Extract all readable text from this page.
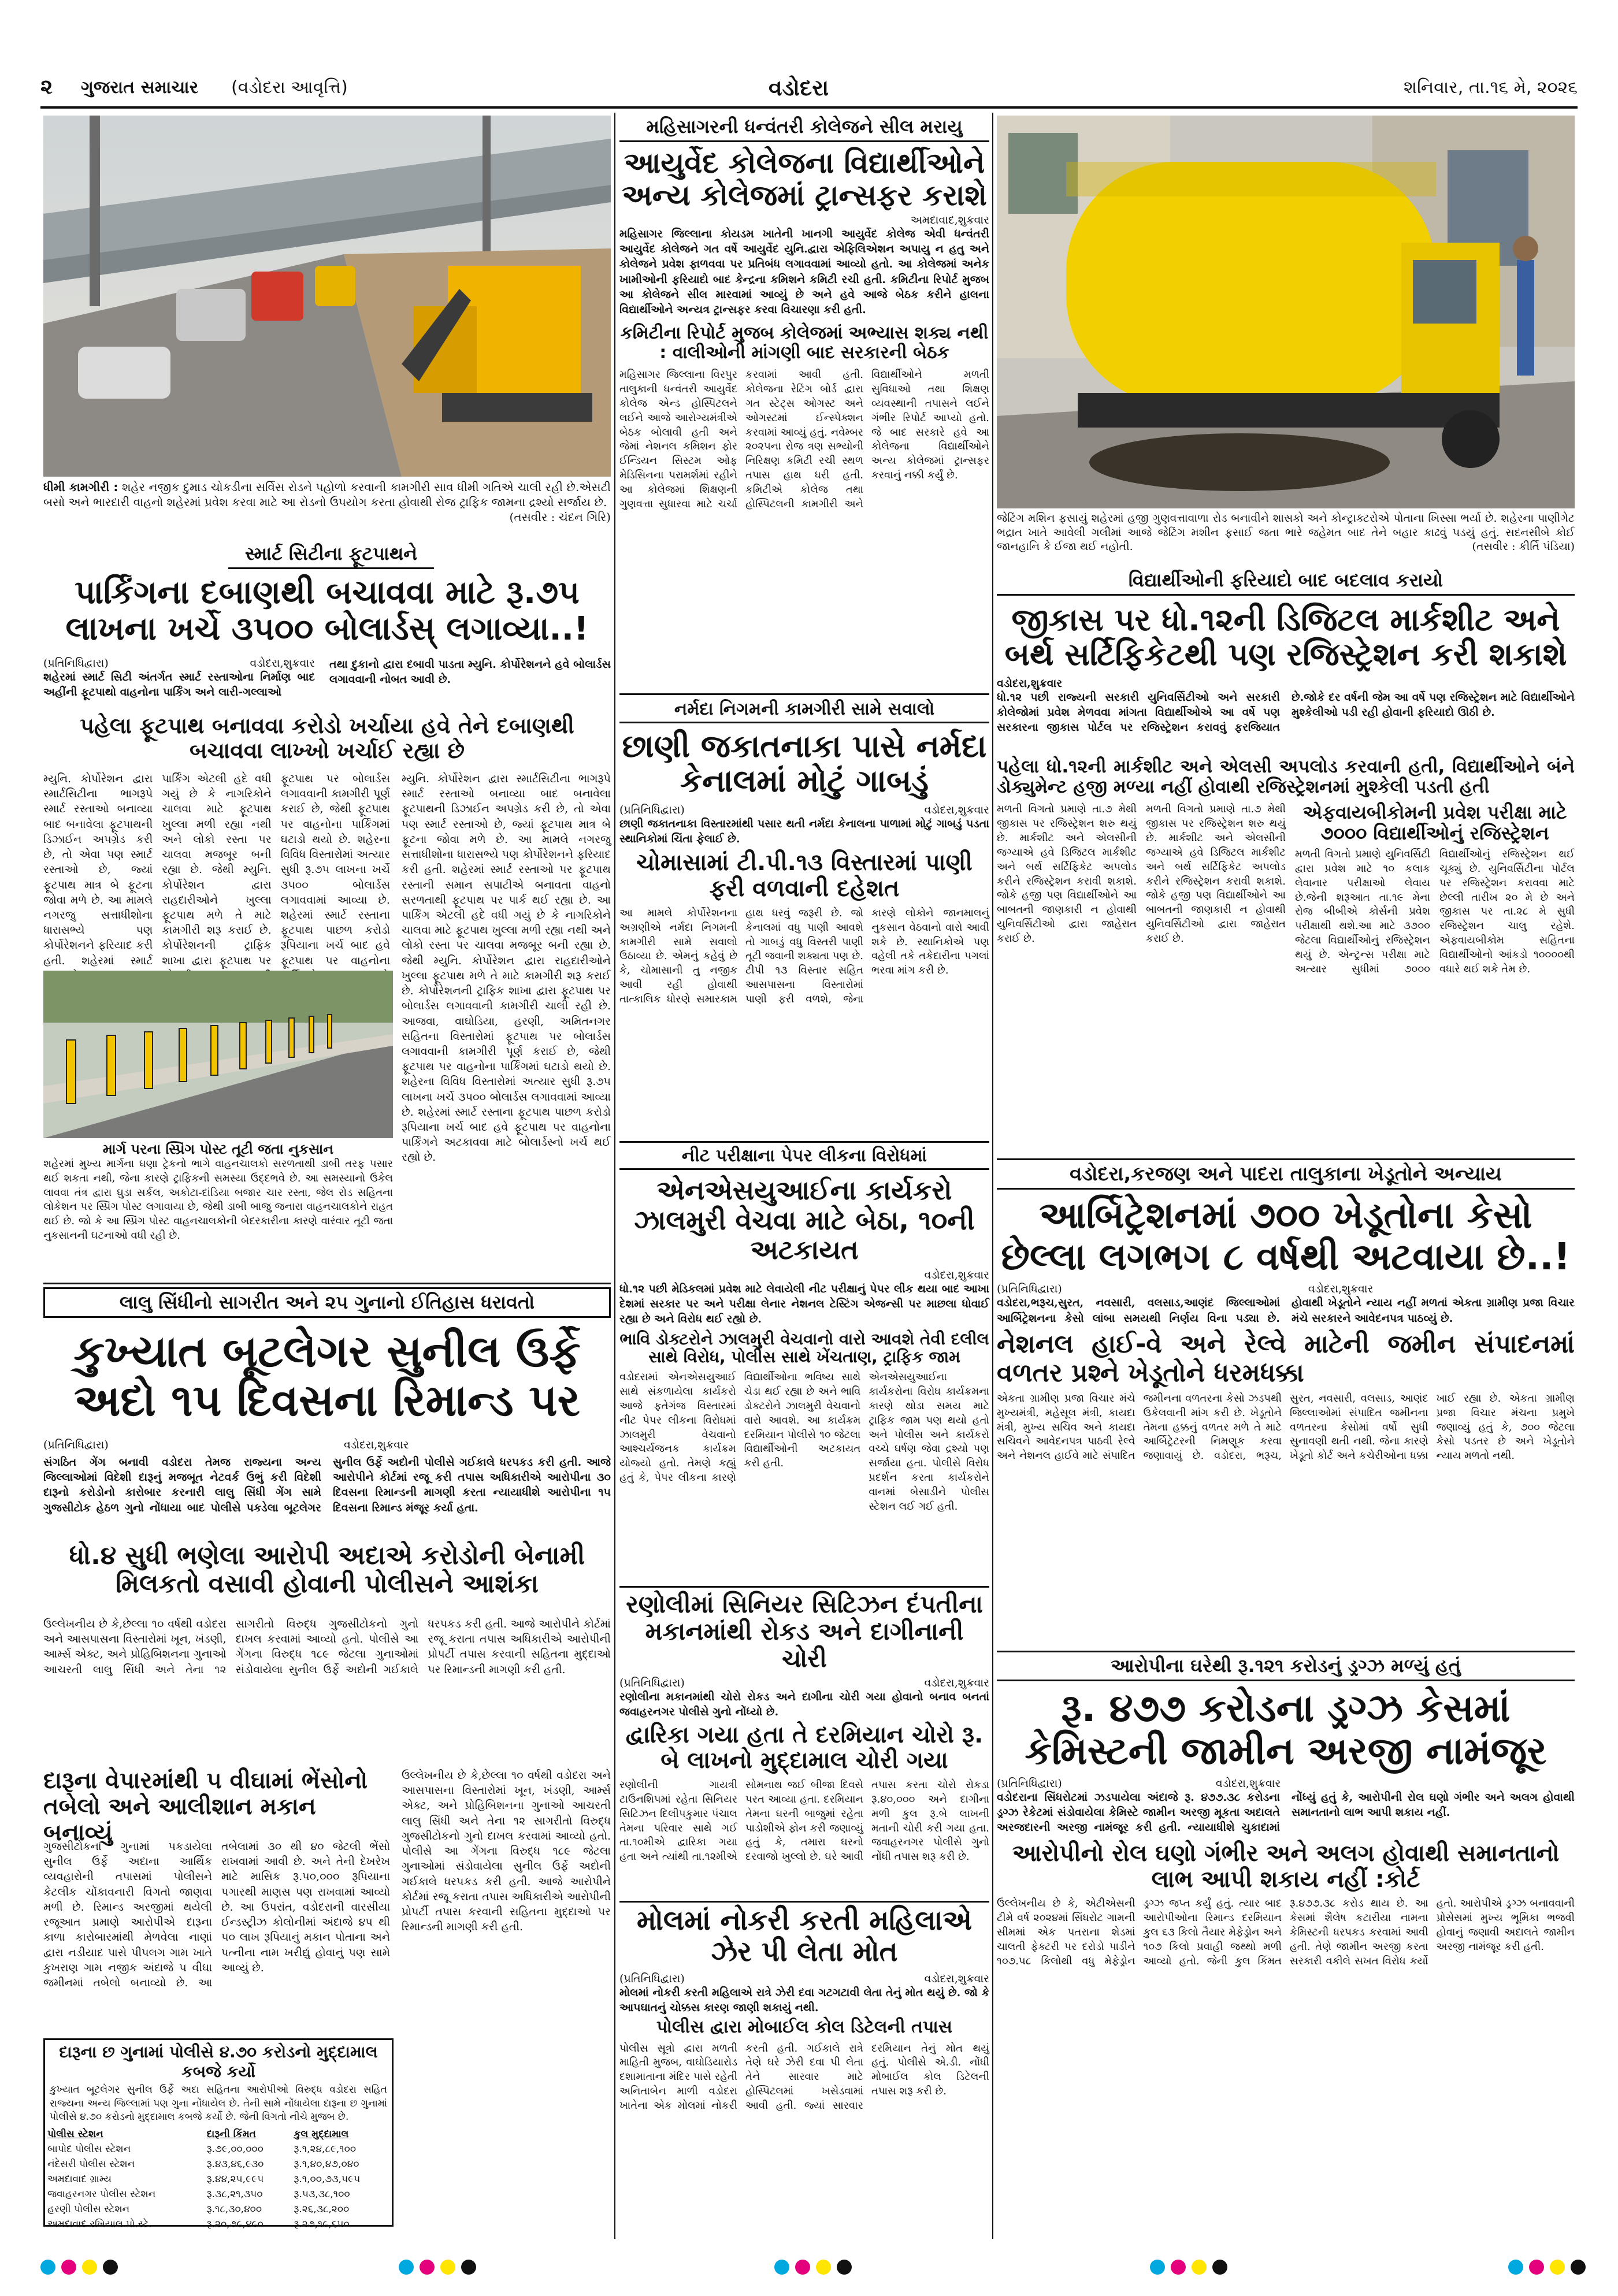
૨ ગુજરાત સમાચાર (વડોદરા આવૃત્તિ)	વડોદરા	શનિવાર, તા.૧૬ મે, ૨૦૨૬
ધીમી કામગીરી : શહેર નજીક દુમાડ ચોકડીના સર્વિસ રોડને પહોળો કરવાની કામગીરી સાવ ધીમી ગતિએ ચાલી રહી છે.એસટી બસો અને ભારદારી વાહનો શહેરમાં પ્રવેશ કરવા માટે આ રોડનો ઉપયોગ કરતા હોવાથી રોજ ટ્રાફિક જામના દ્રશ્યો સર્જાય છે.
(તસવીર : ચંદન ગિરિ)
સ્માર્ટ સિટીના ફૂટપાથને
પાર્કિંગના દબાણથી બચાવવા માટે રૂ.૭૫ લાખના ખર્ચે ૩૫૦૦ બોલાર્ડસ્ લગાવ્યા..!
(પ્રતિનિધિદ્વારા)	વડોદરા,શુક્રવાર

શહેરમાં સ્માર્ટ સિટી અંતર્ગત સ્માર્ટ રસ્તાઓના નિર્માણ બાદ અહીંની ફૂટપાથો વાહનોના પાર્કિંગ અને લારી-ગલ્લાઓ

તથા દુકાનો દ્વારા દબાવી પાડતા મ્યુનિ. કોર્પોરેશનને હવે બોલાર્ડસ લગાવવાની નોબત આવી છે.

પહેલા ફૂટપાથ બનાવવા કરોડો ખર્ચાયા હવે તેને દબાણથી બચાવવા લાખ્ખો ખર્ચાઈ રહ્યા છે

મ્યુનિ. કોર્પોરેશન દ્વારા સ્માર્ટસિટીના ભાગરૂપે સ્માર્ટ રસ્તાઓ બનાવ્યા બાદ બનાવેલા ફૂટપાથની ડિઝાઈન અપગ્રેડ કરી છે, તો એવા પણ સ્માર્ટ રસ્તાઓ છે, જ્યાં ફૂટપાથ માત્ર બે ફૂટના જોવા મળે છે. આ મામલે નગરજુ સત્તાધીશોના ધારાસભ્યે પણ કોર્પોરેશનને ફરિયાદ કરી હતી. શહેરમાં સ્માર્ટ પાર્કિંગ એટલી હદે વધી ગયું છે કે નાગરિકોને ચાલવા માટે ફૂટપાથ ખુલ્લા મળી રહ્યા નથી અને લોકો રસ્તા પર ચાલવા મજબૂર બની રહ્યા છે. જેથી મ્યુનિ. કોર્પોરેશન દ્વારા રાહદારીઓને ખુલ્લા ફૂટપાથ મળે તે માટે કામગીરી શરૂ કરાઈ છે. કોર્પોરેશનની ટ્રાફિક શાખા દ્વારા ફૂટપાથ પર ફૂટપાથ પર બોલાર્ડસ લગાવવાની કામગીરી પૂર્ણ કરાઈ છે, જેથી ફૂટપાથ પર વાહનોના પાર્કિંગમાં ઘટાડો થયો છે. શહેરના વિવિધ વિસ્તારોમાં અત્યાર સુધી રૂ.૭૫ લાખના ખર્ચે ૩૫૦૦ બોલાર્ડસ લગાવવામાં આવ્યા છે. શહેરમાં સ્માર્ટ રસ્તાના ફૂટપાથ પાછળ કરોડો રૂપિયાના ખર્ચ બાદ હવે ફૂટપાથ પર વાહનોના

મ્યુનિ. કોર્પોરેશન દ્વારા સ્માર્ટસિટીના ભાગરૂપે સ્માર્ટ રસ્તાઓ બનાવ્યા બાદ બનાવેલા ફૂટપાથની ડિઝાઈન અપગ્રેડ કરી છે, તો એવા પણ સ્માર્ટ રસ્તાઓ છે, જ્યાં ફૂટપાથ માત્ર બે ફૂટના જોવા મળે છે. આ મામલે નગરજુ સત્તાધીશોના ધારાસભ્યે પણ કોર્પોરેશનને ફરિયાદ કરી હતી. શહેરમાં સ્માર્ટ રસ્તાઓ પર ફૂટપાથ રસ્તાની સમાન સપાટીએ બનાવતા વાહનો સરળતાથી ફૂટપાથ પર પાર્ક થઈ રહ્યા છે. આ પાર્કિંગ એટલી હદે વધી ગયું છે કે નાગરિકોને ચાલવા માટે ફૂટપાથ ખુલ્લા મળી રહ્યા નથી અને લોકો રસ્તા પર ચાલવા મજબૂર બની રહ્યા છે. જેથી મ્યુનિ. કોર્પોરેશન દ્વારા રાહદારીઓને ખુલ્લા ફૂટપાથ મળે તે માટે કામગીરી શરૂ કરાઈ છે. કોર્પોરેશનની ટ્રાફિક શાખા દ્વારા ફૂટપાથ પર બોલાર્ડસ લગાવવાની કામગીરી ચાલી રહી છે. આજવા, વાઘોડિયા, હરણી, અમિતનગર સહિતના વિસ્તારોમાં ફૂટપાથ પર બોલાર્ડસ લગાવવાની કામગીરી પૂર્ણ કરાઈ છે, જેથી ફૂટપાથ પર વાહનોના પાર્કિંગમાં ઘટાડો થયો છે. શહેરના વિવિધ વિસ્તારોમાં અત્યાર સુધી રૂ.૭૫ લાખના ખર્ચે ૩૫૦૦ બોલાર્ડસ લગાવવામાં આવ્યા છે. શહેરમાં સ્માર્ટ રસ્તાના ફૂટપાથ પાછળ કરોડો રૂપિયાના ખર્ચ બાદ હવે ફૂટપાથ પર વાહનોના પાર્કિંગને અટકાવવા માટે બોલાર્ડસ્નો ખર્ચ થઈ રહ્યો છે.

માર્ગ પરના સ્પ્રિંગ પોસ્ટ તૂટી જતા નુકસાન

શહેરમાં મુખ્ય માર્ગના ઘણા ટ્રેકનો ભાગે વાહનચાલકો સરળતાથી ડાબી તરફ પસાર થઈ શકતા નથી, જેના કારણે ટ્રાફિકની સમસ્યા ઉદ્દભવે છે. આ સમસ્યાનો ઉકેલ લાવવા તંત્ર દ્વારા ઘુડા સર્કલ, અકોટા-દાંડિયા બજાર ચાર રસ્તા, જેલ રોડ સહિતના લોકેશન પર સ્પ્રિંગ પોસ્ટ લગાવાયા છે, જેથી ડાબી બાજુ જનારા વાહનચાલકોને રાહત થઈ છે. જો કે આ સ્પ્રિંગ પોસ્ટ વાહનચાલકોની બેદરકારીના કારણે વારંવાર તૂટી જતા નુકસાનની ઘટનાઓ વધી રહી છે.

લાલુ સિંધીનો સાગરીત અને ૨૫ ગુનાનો ઈતિહાસ ધરાવતો
કુખ્યાત બૂટલેગર સુનીલ ઉર્ફે અદો ૧૫ દિવસના રિમાન્ડ પર
(પ્રતિનિધિદ્વારા)	વડોદરા,શુક્રવાર

સંગઠિત ગેંગ બનાવી વડોદરા તેમજ રાજ્યના અન્ય જિલ્લાઓમાં વિદેશી દારૂનું મજબૂત નેટવર્ક ઉભું કરી વિદેશી દારૂનો કરોડોનો કારોબાર કરનારી લાલુ સિંધી ગેંગ સામે ગુજસીટોક હેઠળ ગુનો નોંધાયા બાદ પોલીસે પકડેલા બૂટલેગર સુનીલ ઉર્ફે અદોની પોલીસે ગઈકાલે ધરપકડ કરી હતી. આજે આરોપીને કોર્ટમાં રજૂ કરી તપાસ અધિકારીએ આરોપીના ૩૦ દિવસના રિમાન્ડની માગણી કરતા ન્યાયાધીશે આરોપીના ૧૫ દિવસના રિમાન્ડ મંજૂર કર્યા હતા.

ધો.૪ સુધી ભણેલા આરોપી અદાએ કરોડોની બેનામી મિલકતો વસાવી હોવાની પોલીસને આશંકા

ઉલ્લેખનીય છે કે,છેલ્લા ૧૦ વર્ષથી વડોદરા અને આસપાસના વિસ્તારોમાં ખૂન, ખંડણી, આર્મ્સ એક્ટ, અને પ્રોહિબિશનના ગુનાઓ આચરતી લાલુ સિંધી અને તેના ૧૨ સાગરીતો વિરુદ્ધ ગુજસીટોકનો ગુનો દાખલ કરવામાં આવ્યો હતો. પોલીસે આ ગેંગના વિરુદ્ધ ૧૮૯ જેટલા ગુનાઓમાં સંડોવાયેલા સુનીલ ઉર્ફે અદોની ગઈકાલે ધરપકડ કરી હતી. આજે આરોપીને કોર્ટમાં રજૂ કરાતા તપાસ અધિકારીએ આરોપીની પ્રોપર્ટી તપાસ કરવાની સહિતના મુદ્દાઓ પર રિમાન્ડની માગણી કરી હતી.

દારૂના વેપારમાંથી ૫ વીઘામાં ભેંસોનો તબેલો અને આલીશાન મકાન બનાવ્યું

ગુજસીટોકના ગુનામાં પકડાયેલા સુનીલ ઉર્ફે અદાના આર્થિક વ્યવહારોની તપાસમાં પોલીસને કેટલીક ચોંકાવનારી વિગતો જાણવા મળી છે. રિમાન્ડ અરજીમાં થયેલી રજૂઆત પ્રમાણે આરોપીએ દારૂના કાળા કારોબારમાંથી મેળવેલા નાણાં દ્વારા નડીયાદ પાસે પીપલગ ગામ ખાતે કુખરાણ ગામ નજીક અંદાજે ૫ વીઘા જમીનમાં તબેલો બનાવ્યો છે. આ તબેલામાં ૩૦ થી ૪૦ જેટલી ભેંસો રાખવામાં આવી છે. અને તેની દેખરેખ માટે માસિક રૂ.૫૦,૦૦૦ રૂપિયાના પગારથી માણસ પણ રાખવામાં આવ્યો છે. આ ઉપરાંત, વડોદરાની વારસીયા ઈન્ડસ્ટ્રીઝ કોલોનીમાં અંદાજે ૪૫ થી ૫૦ લાખ રૂપિયાનું મકાન પોતાના અને પત્નીના નામ ખરીદ્યું હોવાનું પણ સામે આવ્યું છે.

ઉલ્લેખનીય છે કે,છેલ્લા ૧૦ વર્ષથી વડોદરા અને આસપાસના વિસ્તારોમાં ખૂન, ખંડણી, આર્મ્સ એક્ટ, અને પ્રોહિબિશનના ગુનાઓ આચરતી લાલુ સિંધી અને તેના ૧૨ સાગરીતો વિરુદ્ધ ગુજસીટોકનો ગુનો દાખલ કરવામાં આવ્યો હતો. પોલીસે આ ગેંગના વિરુદ્ધ ૧૮૯ જેટલા ગુનાઓમાં સંડોવાયેલા સુનીલ ઉર્ફે અદોની ગઈકાલે ધરપકડ કરી હતી. આજે આરોપીને કોર્ટમાં રજૂ કરાતા તપાસ અધિકારીએ આરોપીની પ્રોપર્ટી તપાસ કરવાની સહિતના મુદ્દાઓ પર રિમાન્ડની માગણી કરી હતી.

દારૂના છ ગુનામાં પોલીસે ૪.૭૦ કરોડનો મુદ્દામાલ કબજે કર્યો

કુખ્યાત બૂટલેગર સુનીલ ઉર્ફે અદા સહિતના આરોપીઓ વિરુદ્ધ વડોદરા સહિત રાજ્યના અન્ય જિલ્લામાં પણ ગુના નોંધાયેલ છે. તેની સામે નોંધાયેલા દારૂના છ ગુનામાં પોલીસે ૪.૭૦ કરોડનો મુદ્દામાલ કબજે કર્યો છે. જેની વિગતો નીચે મુજબ છે.

પોલીસ સ્ટેશન	દારૂની કિંમત	કુલ મુદ્દામાલ
બાપોદ પોલીસ સ્ટેશન	રૂ.૭૯,૦૦,૦૦૦	રૂ.૧,૨૪,૮૯,૧૦૦
નંદેસરી પોલીસ સ્ટેશન	રૂ.૪૩,૪૬,૯૩૦	રૂ.૧,૪૦,૪૭,૦૪૦
અમદાવાદ ગ્રામ્ય	રૂ.૪૪,૨૫,૯૯૫	રૂ.૧,૦૦,૭૩,૫૯૫
જવાહરનગર પોલીસ સ્ટેશન	રૂ.૩૮,૨૧,૩૫૦	રૂ.૫૩,૩૮,૧૦૦
હરણી પોલીસ સ્ટેશન	રૂ.૧૮,૩૦,૪૦૦	રૂ.૨૬,૩૮,૨૦૦
અમદાવાદ રખિયાલ પો.સ્ટે.	રૂ.૨૦,૭૯,૪૯૦	રૂ.૨૭,૧૯,૬૫૦
મહિસાગરની ધન્વંતરી કોલેજને સીલ મરાયુ
આયુર્વેદ કોલેજના વિદ્યાર્થીઓને અન્ય કોલેજમાં ટ્રાન્સફર કરાશે
અમદાવાદ,શુક્રવાર

મહિસાગર જિલ્લાના કોયડમ ખાતેની ખાનગી આયુર્વેદ કોલેજ એવી ધન્વંતરી આયુર્વેદ કોલેજને ગત વર્ષે આયુર્વેદ યુનિ.દ્વારા એફિલિએશન અપાયુ ન હતુ અને કોલેજને પ્રવેશ ફાળવવા પર પ્રતિબંધ લગાવવામાં આવ્યો હતો. આ કોલેજમાં અનેક ખામીઓની ફરિયાદો બાદ કેન્દ્રના કમિશને કમિટી રચી હતી. કમિટીના રિપોર્ટ મુજબ આ કોલેજને સીલ મારવામાં આવ્યું છે અને હવે આજે બેઠક કરીને હાલના વિદ્યાર્થીઓને અન્યત્ર ટ્રાન્સફર કરવા વિચારણા કરી હતી.

કમિટીના રિપોર્ટ મુજબ કોલેજમાં અભ્યાસ શક્ય નથી : વાલીઓની માંગણી બાદ સરકારની બેઠક

મહિસાગર જિલ્લાના વિરપુર તાલુકાની ધન્વંતરી આયુર્વેદ કોલેજ એન્ડ હોસ્પિટલને લઈને આજે આરોગ્યમંત્રીએ બેઠક બોલાવી હતી અને જેમાં નેશનલ કમિશન ફોર ઈન્ડિયન સિસ્ટમ ઓફ મેડિસિનના પરામર્શમાં રહીને આ કોલેજમાં શિક્ષણની ગુણવત્તા સુધારવા માટે ચર્ચા કરવામાં આવી હતી. કોલેજના રેટિંગ બોર્ડ દ્વારા ગત સ્ટેટ્સ ઓગસ્ટ અને ઓગસ્ટમાં ઈન્સ્પેક્શન કરવામાં આવ્યું હતું. નવેમ્બર ૨૦૨૫ના રોજ ત્રણ સભ્યોની નિરિક્ષણ કમિટી રચી સ્થળ તપાસ હાથ ધરી હતી. કમિટીએ કોલેજ તથા હોસ્પિટલની કામગીરી અને વિદ્યાર્થીઓને મળતી સુવિધાઓ તથા શિક્ષણ વ્યવસ્થાની તપાસને લઈને ગંભીર રિપોર્ટ આપ્યો હતો. જે બાદ સરકારે હવે આ કોલેજના વિદ્યાર્થીઓને અન્ય કોલેજમાં ટ્રાન્સફર કરવાનું નક્કી કર્યું છે.

નર્મદા નિગમની કામગીરી સામે સવાલો
છાણી જકાતનાકા પાસે નર્મદા કેનાલમાં મોટું ગાબડું
(પ્રતિનિધિદ્વારા)	વડોદરા,શુક્રવાર

છાણી જકાતનાકા વિસ્તારમાંથી પસાર થતી નર્મદા કેનાલના પાળામાં મોટું ગાબડું પડતા સ્થાનિકોમાં ચિંતા ફેલાઈ છે.

ચોમાસામાં ટી.પી.૧૩ વિસ્તારમાં પાણી ફરી વળવાની દહેશત

આ મામલે કોર્પોરેશનના અગ્રણીએ નર્મદા નિગમની કામગીરી સામે સવાલો ઉઠાવ્યા છે. એમનું કહેવું છે કે, ચોમાસાની તુ નજીક આવી રહી હોવાથી તાત્કાલિક ધોરણે સમારકામ હાથ ધરવું જરૂરી છે. જો કેનાલમાં વધુ પાણી આવશે તો ગાબડું વધુ વિસ્તરી પાણી તૂટી જવાની શક્યતા પણ છે. ટીપી ૧૩ વિસ્તાર સહિત આસપાસના વિસ્તારોમાં પાણી ફરી વળશે, જેના કારણે લોકોને જાનમાલનું નુકસાન વેઠવાનો વારો આવી શકે છે. સ્થાનિકોએ પણ વહેલી તકે તકેદારીના પગલાં ભરવા માંગ કરી છે.

નીટ પરીક્ષાના પેપર લીકના વિરોધમાં
એનએસયુઆઈના કાર્યકરો ઝાલમુરી વેચવા માટે બેઠા, ૧૦ની અટકાયત
વડોદરા,શુક્રવાર

ધો.૧૨ પછી મેડિકલમાં પ્રવેશ માટે લેવાયેલી નીટ પરીક્ષાનું પેપર લીક થયા બાદ આખા દેશમાં સરકાર પર અને પરીક્ષા લેનાર નેશનલ ટેસ્ટિંગ એજન્સી પર માછલા ધોવાઈ રહ્યા છે અને વિરોધ થઈ રહ્યો છે.

ભાવિ ડોક્ટરોને ઝાલમુરી વેચવાનો વારો આવશે તેવી દલીલ સાથે વિરોધ, પોલીસ સાથે ખેંચતાણ, ટ્રાફિક જામ

વડોદરામાં એનએસયુઆઈ સાથે સંકળાયેલા કાર્યકરો આજે ફતેગંજ વિસ્તારમાં નીટ પેપર લીકના વિરોધમાં ઝાલમુરી વેચવાનો આશ્ચર્યજનક કાર્યક્રમ યોજ્યો હતો. તેમણે કહ્યું હતું કે, પેપર લીકના કારણે વિદ્યાર્થીઓના ભવિષ્ય સાથે ચેડા થઈ રહ્યા છે અને ભાવિ ડોક્ટરોને ઝાલમુરી વેચવાનો વારો આવશે. આ કાર્યક્રમ દરમિયાન પોલીસે ૧૦ જેટલા વિદ્યાર્થીઓની અટકાયત કરી હતી.

એનએસયુઆઈના કાર્યકરોના વિરોધ કાર્યક્રમના કારણે થોડા સમય માટે ટ્રાફિક જામ પણ થયો હતો અને પોલીસ અને કાર્યકરો વચ્ચે ઘર્ષણ જેવા દ્રશ્યો પણ સર્જાયા હતા. પોલીસે વિરોધ પ્રદર્શન કરતા કાર્યકરોને વાનમાં બેસાડીને પોલીસ સ્ટેશન લઈ ગઈ હતી.

રણોલીમાં સિનિયર સિટિઝન દંપતીના મકાનમાંથી રોકડ અને દાગીનાની ચોરી
(પ્રતિનિધિદ્વારા)	વડોદરા,શુક્રવાર

રણોલીના મકાનમાંથી ચોરો રોકડ અને દાગીના ચોરી ગયા હોવાનો બનાવ બનતાં જવાહરનગર પોલીસે ગુનો નોંધ્યો છે.

દ્વારિકા ગયા હતા તે દરમિયાન ચોરો રૂ. બે લાખનો મુદ્દામાલ ચોરી ગયા

રણોલીની ગાયત્રી ટાઉનશિપમાં રહેતા સિનિયર સિટિઝન દિલીપકુમાર પંચાલ તેમના પરિવાર સાથે ગઈ તા.૧૦મીએ દ્વારિકા ગયા હતા અને ત્યાંથી તા.૧૨મીએ સોમનાથ જઈ બીજા દિવસે પરત આવ્યા હતા. દરમિયાન તેમના ઘરની બાજુમાં રહેતા પાડોશીએ ફોન કરી જણાવ્યું હતું કે, તમારા ઘરનો દરવાજો ખુલ્લો છે. ઘરે આવી તપાસ કરતા ચોરો રોકડા રૂ.૪૦,૦૦૦ અને દાગીના મળી કુલ રૂ.બે લાખની મતાની ચોરી કરી ગયા હતા. જવાહરનગર પોલીસે ગુનો નોંધી તપાસ શરૂ કરી છે.

મોલમાં નોકરી કરતી મહિલાએ ઝેર પી લેતા મોત
(પ્રતિનિધિદ્વારા)	વડોદરા,શુક્રવાર

મોલમાં નોકરી કરતી મહિલાએ રાત્રે ઝેરી દવા ગટગટાવી લેતા તેનું મોત થયું છે. જો કે આપઘાતનું ચોક્કસ કારણ જાણી શકાયું નથી.

પોલીસ દ્વારા મોબાઈલ કોલ ડિટેલની તપાસ

પોલીસ સૂત્રો દ્વારા મળતી માહિતી મુજબ, વાઘોડિયારોડ દશામાતાના મંદિર પાસે રહેતી અનિતાબેન માળી વડોદરા ખાતેના એક મોલમાં નોકરી કરતી હતી. ગઈકાલે રાત્રે તેણે ઘરે ઝેરી દવા પી લેતા તેને સારવાર માટે હોસ્પિટલમાં ખસેડવામાં આવી હતી. જ્યાં સારવાર દરમિયાન તેનું મોત થયું હતું. પોલીસે એ.ડી. નોંધી મોબાઈલ કોલ ડિટેલની તપાસ શરૂ કરી છે.

જેટિંગ મશિન ફસાયું શહેરમાં હજી ગુણવત્તાવાળા રોડ બનાવીને શાસકો અને કોન્ટ્રાક્ટરોએ પોતાના ખિસ્સા ભર્યા છે. શહેરના પાણીગેટ ભદ્રાત ખાતે આવેલી ગલીમાં આજે જેટિંગ મશીન ફસાઈ જતા ભારે જહેમત બાદ તેને બહાર કાઢવું પડયું હતું. સદનસીબે કોઈ જાનહાનિ કે ઈજા થઈ નહોતી.	(તસવીર : કીર્તિ પંડિયા)
વિદ્યાર્થીઓની ફરિયાદો બાદ બદલાવ કરાયો
જીકાસ પર ધો.૧૨ની ડિજિટલ માર્કશીટ અને બર્થ સર્ટિફિકેટથી પણ રજિસ્ટ્રેશન કરી શકાશે
વડોદરા,શુક્રવાર

ધો.૧૨ પછી રાજ્યની સરકારી યુનિવર્સિટીઓ અને સરકારી કોલેજોમાં પ્રવેશ મેળવવા માંગતા વિદ્યાર્થીઓએ આ વર્ષે પણ સરકારના જીકાસ પોર્ટલ પર રજિસ્ટ્રેશન કરાવવું ફરજિયાત છે.જોકે દર વર્ષની જેમ આ વર્ષે પણ રજિસ્ટ્રેશન માટે વિદ્યાર્થીઓને મુશ્કેલીઓ પડી રહી હોવાની ફરિયાદો ઊઠી છે.

પહેલા ધો.૧૨ની માર્કશીટ અને એલસી અપલોડ કરવાની હતી, વિદ્યાર્થીઓને બંને ડોક્યુમેન્ટ હજી મળ્યા નહીં હોવાથી રજિસ્ટ્રેશનમાં મુશ્કેલી પડતી હતી

મળતી વિગતો પ્રમાણે તા.૭ મેથી જીકાસ પર રજિસ્ટ્રેશન શરુ થયું છે. માર્કશીટ અને એલસીની જગ્યાએ હવે ડિજિટલ માર્કશીટ અને બર્થ સર્ટિફિકેટ અપલોડ કરીને રજિસ્ટ્રેશન કરાવી શકાશે. જોકે હજી પણ વિદ્યાર્થીઓને આ બાબતની જાણકારી ન હોવાથી યુનિવર્સિટીઓ દ્વારા જાહેરાત કરાઈ છે.

મળતી વિગતો પ્રમાણે તા.૭ મેથી જીકાસ પર રજિસ્ટ્રેશન શરુ થયું છે. માર્કશીટ અને એલસીની જગ્યાએ હવે ડિજિટલ માર્કશીટ અને બર્થ સર્ટિફિકેટ અપલોડ કરીને રજિસ્ટ્રેશન કરાવી શકાશે. જોકે હજી પણ વિદ્યાર્થીઓને આ બાબતની જાણકારી ન હોવાથી યુનિવર્સિટીઓ દ્વારા જાહેરાત કરાઈ છે.

એફવાયબીકોમની પ્રવેશ પરીક્ષા માટે ૭૦૦૦ વિદ્યાર્થીઓનું રજિસ્ટ્રેશન

મળતી વિગતો પ્રમાણે યુનિવર્સિટી દ્વારા પ્રવેશ માટે ૧૦ કલાક લેવાનાર પરીક્ષાઓ લેવાય છે.જેની શરૂઆત તા.૧૯ મેના રોજ બીબીએ કોર્સની પ્રવેશ પરીક્ષાથી થશે.આ માટે ૩૭૦૦ જેટલા વિદ્યાર્થીઓનું રજિસ્ટ્રેશન થયું છે. એન્ટ્રન્સ પરીક્ષા માટે અત્યાર સુધીમાં ૭૦૦૦ વિદ્યાર્થીઓનું રજિસ્ટ્રેશન થઈ ચૂક્યું છે. યુનિવર્સિટીના પોર્ટલ પર રજિસ્ટ્રેશન કરાવવા માટે છેલ્લી તારીખ ૨૦ મે છે અને જીકાસ પર તા.૨૮ મે સુધી રજિસ્ટ્રેશન ચાલુ રહેશે. એફવાયબીકોમ સહિતના વિદ્યાર્થીઓનો આંકડો ૧૦૦૦૦થી વધારે થઈ શકે તેમ છે.

વડોદરા,કરજણ અને પાદરા તાલુકાના ખેડૂતોને અન્યાય
આર્બિટ્રેશનમાં ૭૦૦ ખેડૂતોના કેસો છેલ્લા લગભગ ૮ વર્ષથી અટવાયા છે..!
(પ્રતિનિધિદ્વારા)	વડોદરા,શુક્રવાર

વડોદરા,ભરૂચ,સુરત, નવસારી, વલસાડ,આણંદ જિલ્લાઓમાં આર્બિટ્રેશનના કેસો લાંબા સમયથી નિર્ણય વિના પડ્યા છે. હોવાથી ખેડૂતોને ન્યાય નહીં મળતાં એકતા ગ્રામીણ પ્રજા વિચાર મંચે સરકારને આવેદનપત્ર પાઠવ્યું છે.

નેશનલ હાઈ-વે અને રેલ્વે માટેની જમીન સંપાદનમાં વળતર પ્રશ્ને ખેડૂતોને ધરમધક્કા

એકતા ગ્રામીણ પ્રજા વિચાર મંચે મુખ્યમંત્રી, મહેસૂલ મંત્રી, કાયદા મંત્રી, મુખ્ય સચિવ અને કાયદા સચિવને આવેદનપત્ર પાઠવી રેલ્વે અને નેશનલ હાઈવે માટે સંપાદિત જમીનના વળતરના કેસો ઝડપથી ઉકેલવાની માંગ કરી છે. ખેડૂતોને તેમના હક્કનું વળતર મળે તે માટે આર્બિટ્રેટરની નિમણૂક કરવા જણાવાયું છે. વડોદરા, ભરૂચ, સુરત, નવસારી, વલસાડ, આણંદ જિલ્લાઓમાં સંપાદિત જમીનના વળતરના કેસોમાં વર્ષો સુધી સુનાવણી થતી નથી. જેના કારણે ખેડૂતો કોર્ટ અને કચેરીઓના ધક્કા ખાઈ રહ્યા છે. એકતા ગ્રામીણ પ્રજા વિચાર મંચના પ્રમુખે જણાવ્યું હતું કે, ૭૦૦ જેટલા કેસો પડતર છે અને ખેડૂતોને ન્યાય મળતો નથી.

આરોપીના ઘરેથી રૂ.૧૨૧ કરોડનું ડ્રગ્ઝ મળ્યું હતું
રૂ. ૪૭૭ કરોડના ડ્રગ્ઝ કેસમાં કેમિસ્ટની જામીન અરજી નામંજૂર
(પ્રતિનિધિદ્વારા)	વડોદરા,શુક્રવાર

વડોદરાના સિંધરોટમાં ઝડપાયેલા અંદાજે રૂ. ૪૭૭.૩૮ કરોડના ડ્રગ્ઝ રેકેટમાં સંડોવાયેલા કેમિસ્ટે જામીન અરજી મૂકતા અદાલતે અરજદારની અરજી નામંજૂર કરી હતી. ન્યાયાધીશે ચુકાદામાં નોંધ્યું હતું કે, આરોપીની રોલ ઘણો ગંભીર અને અલગ હોવાથી સમાનતાનો લાભ આપી શકાય નહીં.

આરોપીનો રોલ ઘણો ગંભીર અને અલગ હોવાથી સમાનતાનો લાભ આપી શકાય નહીં :કોર્ટ

ઉલ્લેખનીય છે કે, એટીએસની ટીમે વર્ષ ૨૦૨૪માં સિંધરોટ ગામની સીમમાં એક પતરાના શેડમાં ચાલતી ફેક્ટરી પર દરોડો પાડીને ૧૦૭.૫૮ કિલોથી વધુ મેફેડ્રોન ડ્રગ્ઝ જપ્ત કર્યું હતું. ત્યાર બાદ આરોપીઓના રિમાન્ડ દરમિયાન કુલ ૬૩ કિલો તૈયાર મેફેડ્રોન અને ૧૦૭ કિલો પ્રવાહી જથ્થો મળી આવ્યો હતો. જેની કુલ કિંમત રૂ.૪૭૭.૩૮ કરોડ થાય છે. આ કેસમાં શૈલેષ કટારીયા નામના કેમિસ્ટની ધરપકડ કરવામાં આવી હતી. તેણે જામીન અરજી કરતા સરકારી વકીલે સખત વિરોધ કર્યો હતો. આરોપીએ ડ્રગ્ઝ બનાવવાની પ્રોસેસમાં મુખ્ય ભૂમિકા ભજવી હોવાનું જણાવી અદાલતે જામીન અરજી નામંજૂર કરી હતી.
